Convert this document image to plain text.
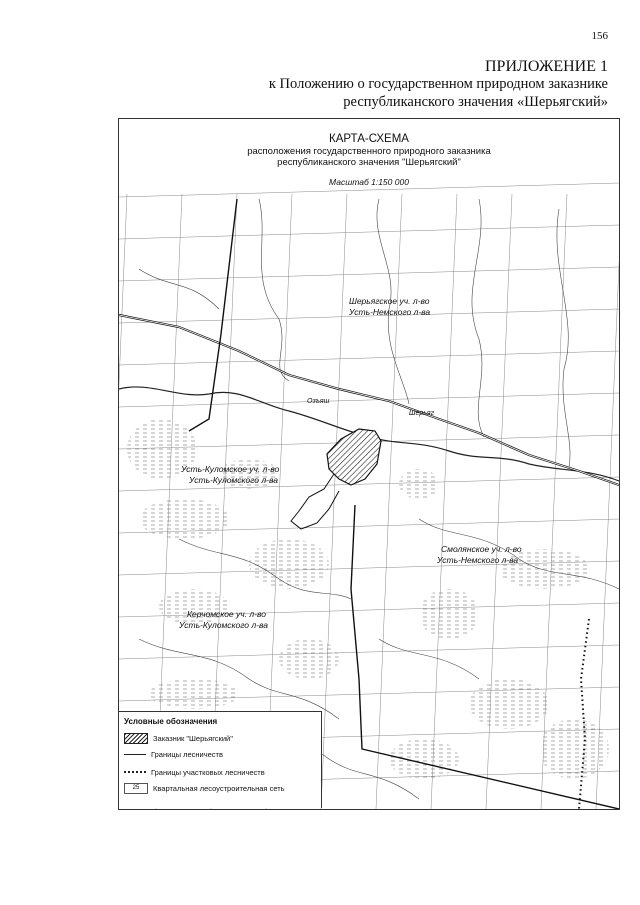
156
ПРИЛОЖЕНИЕ 1
к Положению о государственном природном заказнике
республиканского значения «Шерьягский»
КАРТА-СХЕМА
расположения государственного природного заказника
республиканского значения "Шерьягский"
Масштаб 1:150 000
Шерьягское уч. л-во
Усть-Немского л-ва
Усть-Куломское уч. л-во
Усть-Куломского л-ва
Смолянское уч. л-во
Усть-Немского л-ва
Керчомское уч. л-во
Усть-Куломского л-ва
Озъяш
Шерьяг
Условные обозначения
Заказник "Шерьягский"
Границы лесничеств
Границы участковых лесничеств
25	Квартальная лесоустроительная сеть
